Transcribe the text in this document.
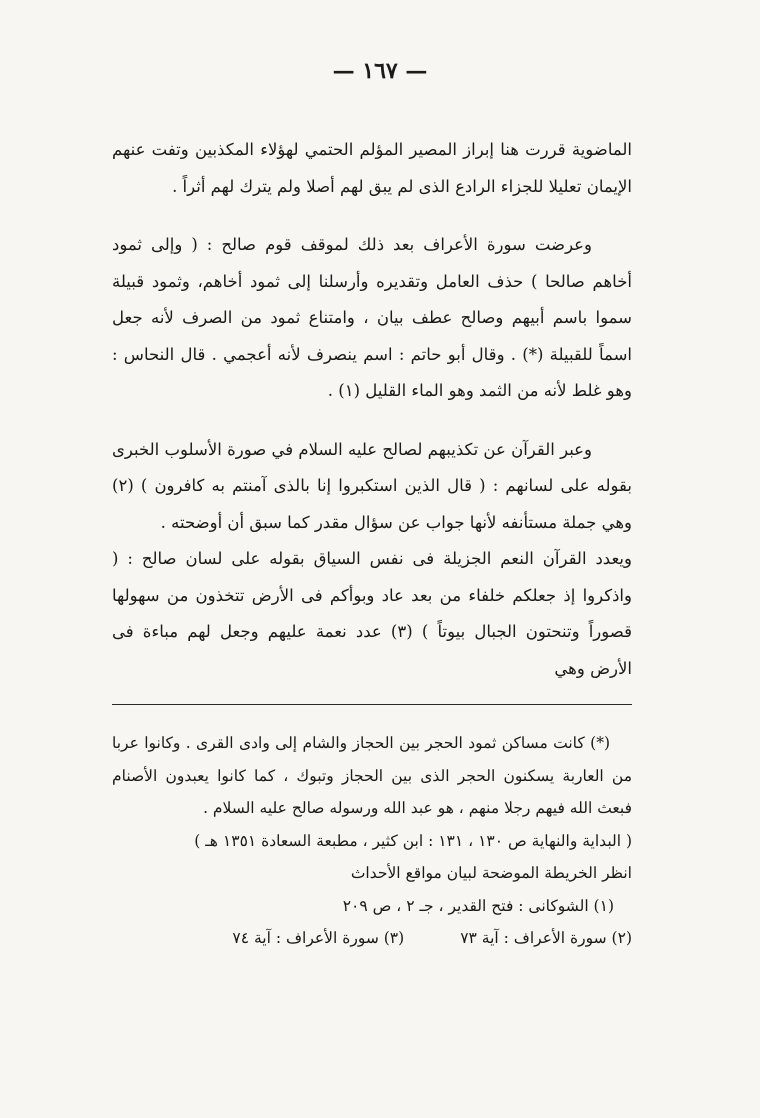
— ١٦٧ —

الماضوية قررت هنا إبراز المصير المؤلم الحتمي لهؤلاء المكذبين وتفت عنهم الإيمان تعليلا للجزاء الرادع الذى لم يبق لهم أصلا ولم يترك لهم أثراً .

وعرضت سورة الأعراف بعد ذلك لموقف قوم صالح : ( وإلى ثمود أخاهم صالحا ) حذف العامل وتقديره وأرسلنا إلى ثمود أخاهم، وثمود قبيلة سموا باسم أبيهم وصالح عطف بيان ، وامتناع ثمود من الصرف لأنه جعل اسماً للقبيلة (*) . وقال أبو حاتم : اسم ينصرف لأنه أعجمي . قال النحاس : وهو غلط لأنه من الثمد وهو الماء القليل (١) .

وعبر القرآن عن تكذيبهم لصالح عليه السلام في صورة الأسلوب الخبرى بقوله على لسانهم : ( قال الذين استكبروا إنا بالذى آمنتم به كافرون ) (٢) وهي جملة مستأنفه لأنها جواب عن سؤال مقدر كما سبق أن أوضحته .

ويعدد القرآن النعم الجزيلة فى نفس السياق بقوله على لسان صالح : ( واذكروا إذ جعلكم خلفاء من بعد عاد وبوأكم فى الأرض تتخذون من سهولها قصوراً وتنحتون الجبال بيوتاً ) (٣) عدد نعمة عليهم وجعل لهم مباءة فى الأرض وهي

(*) كانت مساكن ثمود الحجر بين الحجاز والشام إلى وادى القرى . وكانوا عربا من العاربة يسكنون الحجر الذى بين الحجاز وتبوك ، كما كانوا يعبدون الأصنام فبعث الله فيهم رجلا منهم ، هو عبد الله ورسوله صالح عليه السلام .

( البداية والنهاية ص ١٣٠ ، ١٣١ : ابن كثير ، مطبعة السعادة ١٣٥١ هـ )

انظر الخريطة الموضحة لبيان مواقع الأحداث

(١) الشوكانى : فتح القدير ، جـ ٢ ، ص ٢٠٩

(٢) سورة الأعراف : آية ٧٣
(٣) سورة الأعراف : آية ٧٤
